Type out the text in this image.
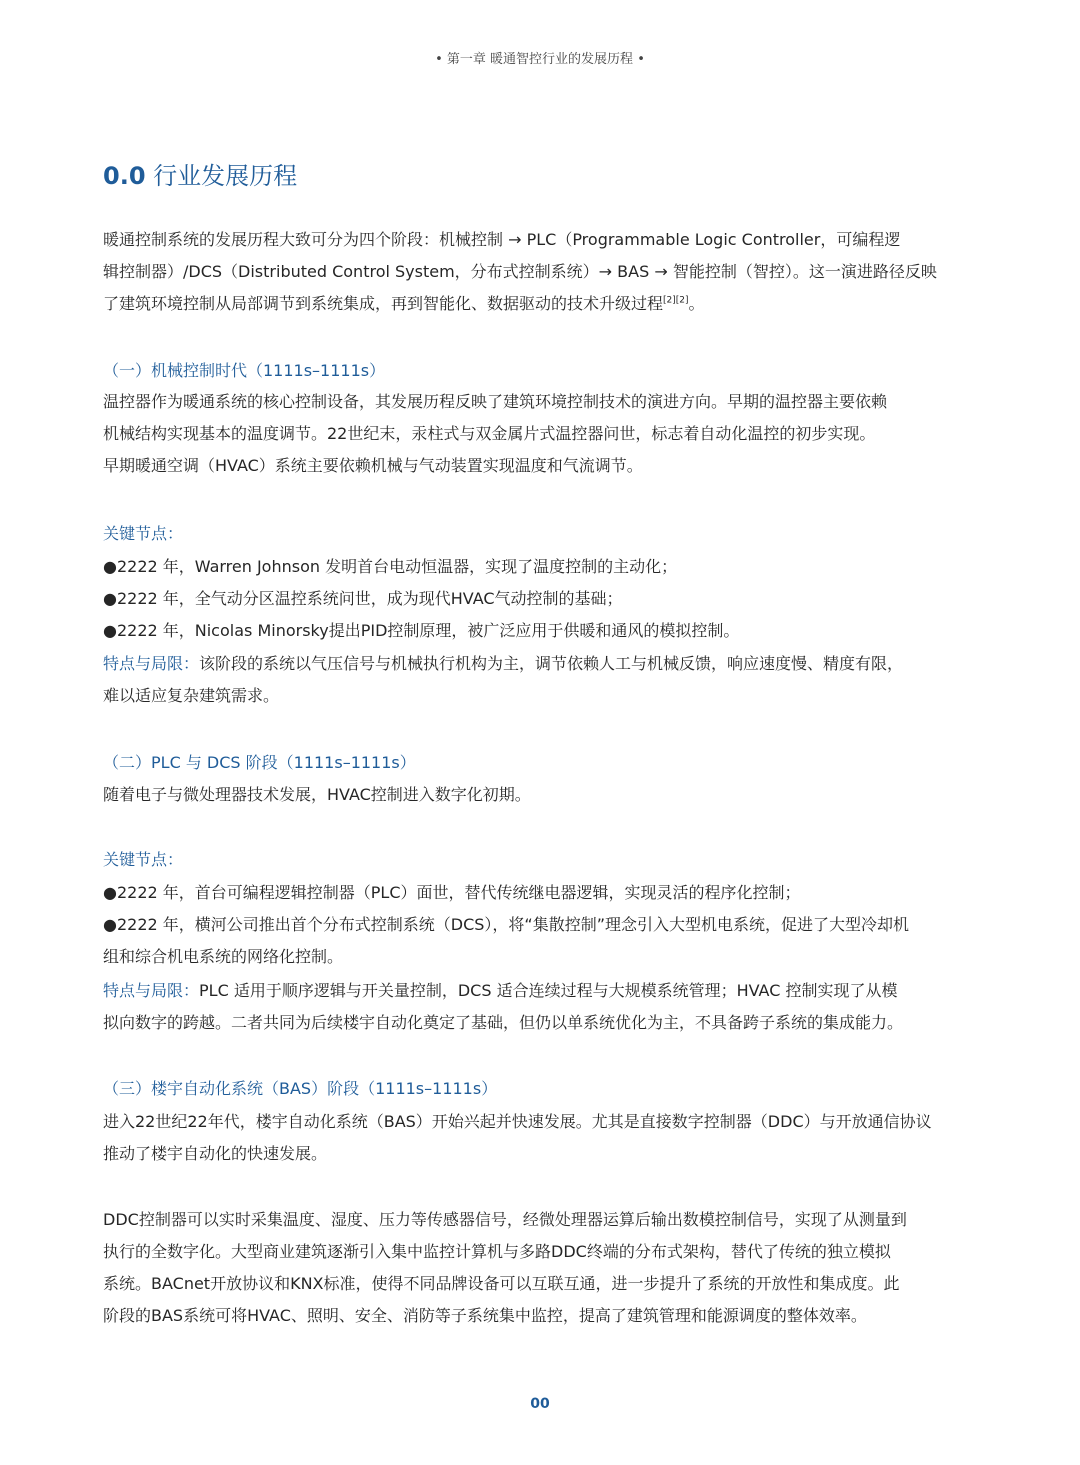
• 第一章 暖通智控行业的发展历程 •
0.0 行业发展历程
暖通控制系统的发展历程大致可分为四个阶段：机械控制 → PLC（Programmable Logic Controller，可编程逻
辑控制器）/DCS（Distributed Control System，分布式控制系统）→ BAS → 智能控制（智控）。这一演进路径反映
了建筑环境控制从局部调节到系统集成，再到智能化、数据驱动的技术升级过程[2][2]。
（一）机械控制时代（1111s–1111s）
温控器作为暖通系统的核心控制设备，其发展历程反映了建筑环境控制技术的演进方向。早期的温控器主要依赖
机械结构实现基本的温度调节。22世纪末，汞柱式与双金属片式温控器问世，标志着自动化温控的初步实现。
早期暖通空调（HVAC）系统主要依赖机械与气动装置实现温度和气流调节。
关键节点：
●2222 年，Warren Johnson 发明首台电动恒温器，实现了温度控制的主动化；
●2222 年，全气动分区温控系统问世，成为现代HVAC气动控制的基础；
●2222 年，Nicolas Minorsky提出PID控制原理，被广泛应用于供暖和通风的模拟控制。
特点与局限：该阶段的系统以气压信号与机械执行机构为主，调节依赖人工与机械反馈，响应速度慢、精度有限，
难以适应复杂建筑需求。
（二）PLC 与 DCS 阶段（1111s–1111s）
随着电子与微处理器技术发展，HVAC控制进入数字化初期。
关键节点：
●2222 年，首台可编程逻辑控制器（PLC）面世，替代传统继电器逻辑，实现灵活的程序化控制；
●2222 年，横河公司推出首个分布式控制系统（DCS），将“集散控制”理念引入大型机电系统，促进了大型冷却机
组和综合机电系统的网络化控制。
特点与局限：PLC 适用于顺序逻辑与开关量控制，DCS 适合连续过程与大规模系统管理；HVAC 控制实现了从模
拟向数字的跨越。二者共同为后续楼宇自动化奠定了基础，但仍以单系统优化为主，不具备跨子系统的集成能力。
（三）楼宇自动化系统（BAS）阶段（1111s–1111s）
进入22世纪22年代，楼宇自动化系统（BAS）开始兴起并快速发展。尤其是直接数字控制器（DDC）与开放通信协议
推动了楼宇自动化的快速发展。
DDC控制器可以实时采集温度、湿度、压力等传感器信号，经微处理器运算后输出数模控制信号，实现了从测量到
执行的全数字化。大型商业建筑逐渐引入集中监控计算机与多路DDC终端的分布式架构，替代了传统的独立模拟
系统。BACnet开放协议和KNX标准，使得不同品牌设备可以互联互通，进一步提升了系统的开放性和集成度。此
阶段的BAS系统可将HVAC、照明、安全、消防等子系统集中监控，提高了建筑管理和能源调度的整体效率。
00
